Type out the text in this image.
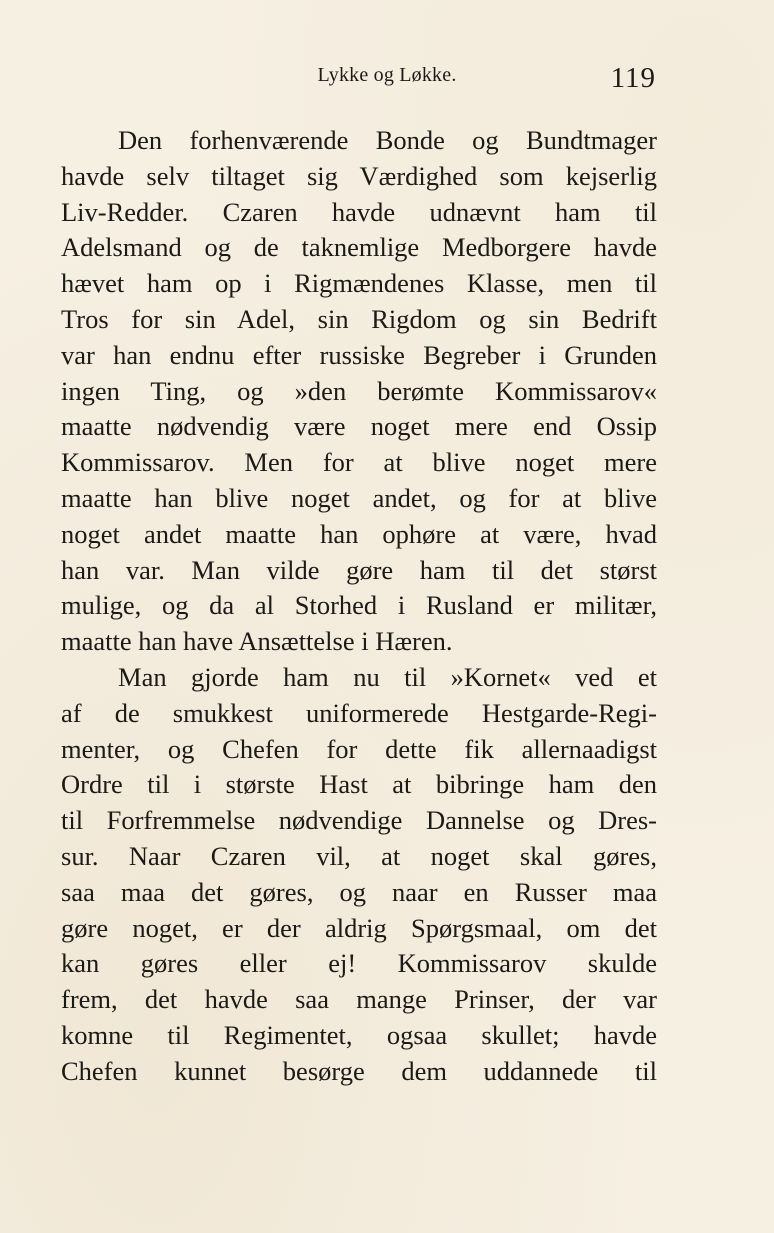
Lykke og Løkke.	119
Den forhenværende Bonde og Bundtmager
havde selv tiltaget sig Værdighed som kejserlig
Liv-Redder. Czaren havde udnævnt ham til
Adelsmand og de taknemlige Medborgere havde
hævet ham op i Rigmændenes Klasse, men til
Tros for sin Adel, sin Rigdom og sin Bedrift
var han endnu efter russiske Begreber i Grunden
ingen Ting, og »den berømte Kommissarov«
maatte nødvendig være noget mere end Ossip
Kommissarov. Men for at blive noget mere
maatte han blive noget andet, og for at blive
noget andet maatte han ophøre at være, hvad
han var. Man vilde gøre ham til det størst
mulige, og da al Storhed i Rusland er militær,
maatte han have Ansættelse i Hæren.
Man gjorde ham nu til »Kornet« ved et
af de smukkest uniformerede Hestgarde-Regi-
menter, og Chefen for dette fik allernaadigst
Ordre til i største Hast at bibringe ham den
til Forfremmelse nødvendige Dannelse og Dres-
sur. Naar Czaren vil, at noget skal gøres,
saa maa det gøres, og naar en Russer maa
gøre noget, er der aldrig Spørgsmaal, om det
kan gøres eller ej! Kommissarov skulde
frem, det havde saa mange Prinser, der var
komne til Regimentet, ogsaa skullet; havde
Chefen kunnet besørge dem uddannede til
